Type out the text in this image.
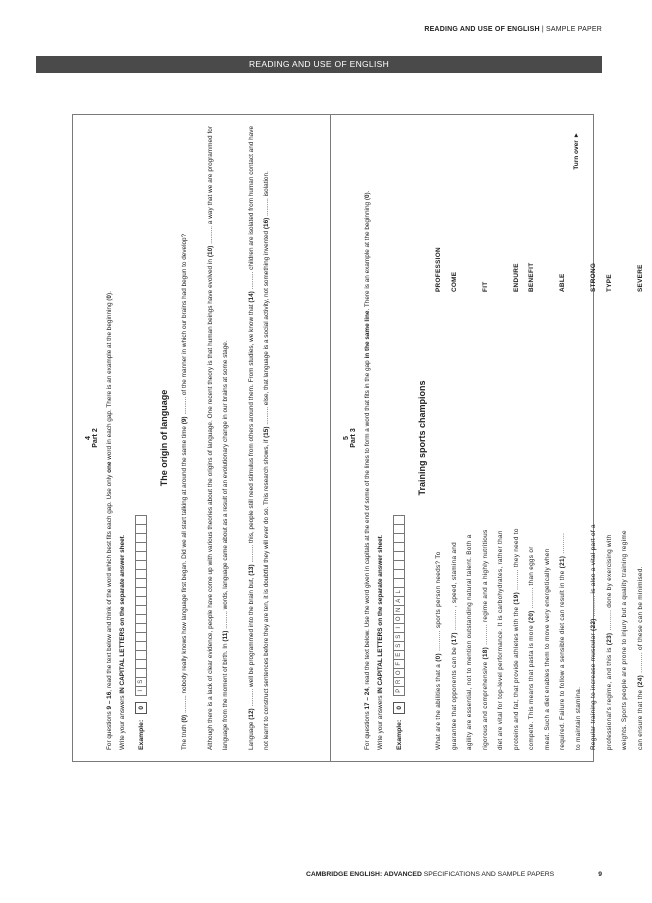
READING AND USE OF ENGLISH | SAMPLE PAPER
READING AND USE OF ENGLISH
4 Part 2
For questions 9 – 16, read the text below and think of the word which best fits each gap. Use only one word in each gap. There is an example at the beginning (0).
Write your answers IN CAPITAL LETTERS on the separate answer sheet.
Example:
0
I
S
The origin of language
The truth (0) .......... nobody really knows how language first began. Did we all start talking at around the same time (9) .......... of the manner in which our brains had begun to develop?	Although there is a lack of clear evidence, people have come up with various theories about the origins of language. One recent theory is that human beings have evolved in (10) .......... a way that we are programmed for language from the moment of birth. In (11) .......... words, language came about as a result of an evolutionary change in our brains at some stage.
Language (12) .......... well be programmed into the brain but, (13) .......... this, people still need stimulus from others around them. From studies, we know that (14) .......... children are isolated from human contact and have not learnt to construct sentences before they are ten, it is doubtful they will ever do so. This research shows, if (15) .......... else, that language is a social activity, not something invented (16) .......... isolation.
5 Part 3
For questions 17 – 24, read the text below. Use the word given in capitals at the end of some of the lines to form a word that fits in the gap in the same line. There is an example at the beginning (0).
Write your answers IN CAPITAL LETTERS on the separate answer sheet.
Example:
0
P
R
O
F
E
S
S
I
O
N
A
L
Training sports champions
What are the abilities that a (0) .......... sports person needs? To
guarantee that opponents can be (17) .......... , speed, stamina and	agility are essential, not to mention outstanding natural talent. Both a	rigorous and comprehensive (18) .......... regime and a highly nutritious	diet are vital for top-level performance. It is carbohydrates, rather than	proteins and fat, that provide athletes with the (19) .......... they need to
compete. This means that pasta is more (20) .......... than eggs or	meat. Such a diet enables them to move very energetically when	required. Failure to follow a sensible diet can result in the (21) ..........
to maintain stamina.
PROFESSION	COME	FIT	ENDURE	BENEFIT	ABLE
Regular training to increase muscular (22) .......... is also a vital part of a
professional's regime, and this is (23) .......... done by exercising with	weights. Sports people are prone to injury but a quality training regime	can ensure that the (24) .......... of these can be minimised.
STRONG	TYPE	SEVERE
Turn over ►
CAMBRIDGE ENGLISH: ADVANCED SPECIFICATIONS AND SAMPLE PAPERS	9
